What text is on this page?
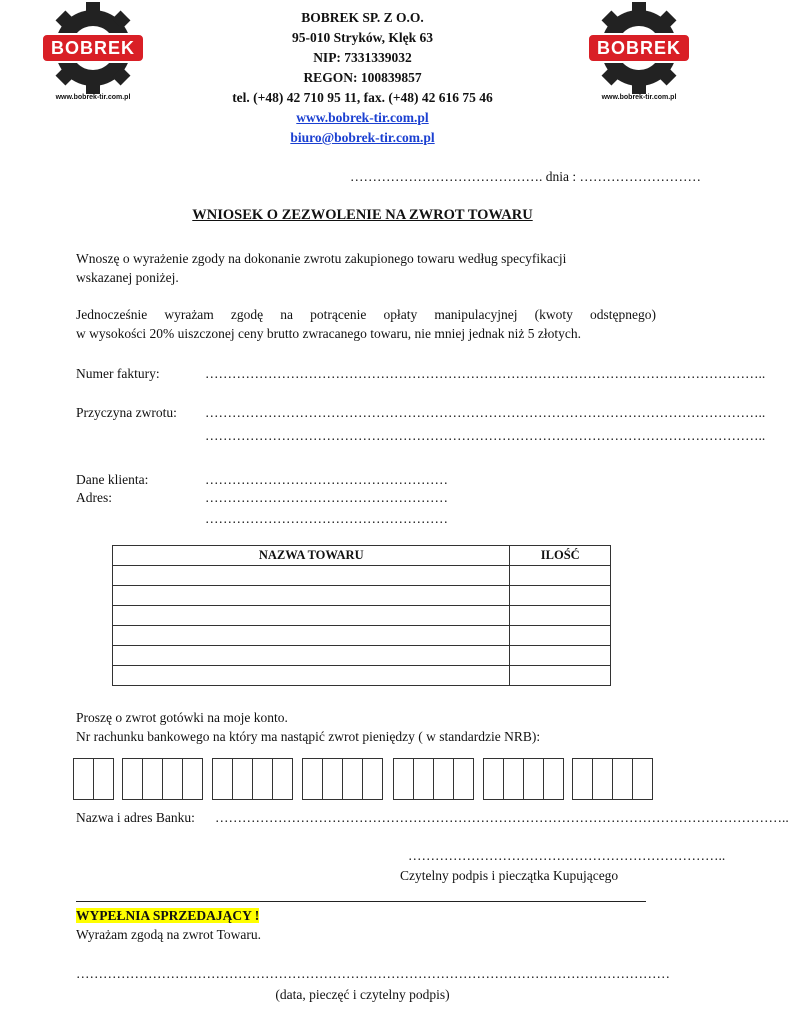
BOBREK
www.bobrek-tir.com.pl
BOBREK
www.bobrek-tir.com.pl
BOBREK SP. Z O.O.
95-010 Stryków, Klęk 63
NIP: 7331339032
REGON: 100839857
tel. (+48) 42 710 95 11, fax. (+48) 42 616 75 46
www.bobrek-tir.com.pl
biuro@bobrek-tir.com.pl
……………………………………. dnia : ………………………
WNIOSEK O ZEZWOLENIE NA ZWROT TOWARU
Wnoszę o wyrażenie zgody na dokonanie zwrotu zakupionego towaru według specyfikacji
wskazanej poniżej.
Jednocześnie wyrażam zgodę na potrącenie opłaty manipulacyjnej (kwoty odstępnego)
w wysokości 20% uiszczonej ceny brutto zwracanego towaru, nie mniej jednak niż 5 złotych.
Numer faktury:	……………………………………………………………………………………………………………..
Przyczyna zwrotu: ……………………………………………………………………………………………………………..
……………………………………………………………………………………………………………..
Dane klienta:	………………………………………………
Adres:	………………………………………………
………………………………………………
NAZWA TOWARU	ILOŚĆ

Proszę o zwrot gotówki na moje konto.
Nr rachunku bankowego na który ma nastąpić zwrot pieniędzy ( w standardzie NRB):
Nazwa i adres Banku: ………………………………………………………………………………………………………………..
……………………………………………………………..
Czytelny podpis i pieczątka Kupującego
WYPEŁNIA SPRZEDAJĄCY !
Wyrażam zgodą na zwrot Towaru.
……………………………………………………………………………………………………………………
(data, pieczęć i czytelny podpis)
